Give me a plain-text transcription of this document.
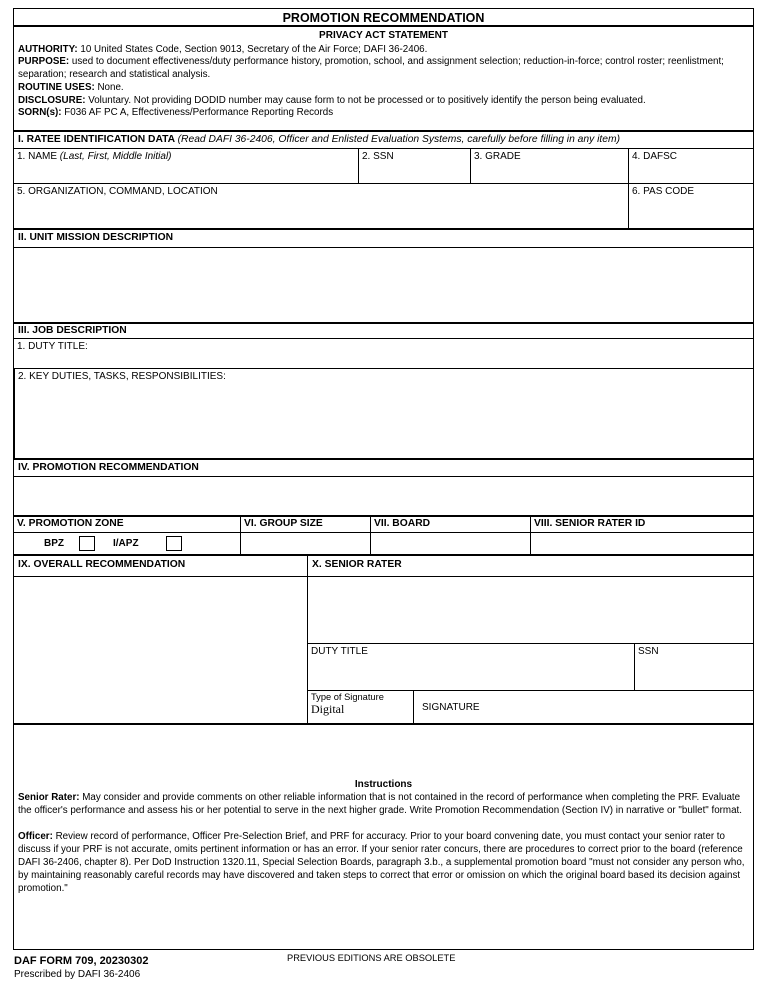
PROMOTION RECOMMENDATION
PRIVACY ACT STATEMENT
AUTHORITY: 10 United States Code, Section 9013, Secretary of the Air Force; DAFI 36-2406.
PURPOSE: used to document effectiveness/duty performance history, promotion, school, and assignment selection; reduction-in-force; control roster; reenlistment; separation; research and statistical analysis.
ROUTINE USES: None.
DISCLOSURE: Voluntary. Not providing DODID number may cause form to not be processed or to positively identify the person being evaluated.
SORN(s): F036 AF PC A, Effectiveness/Performance Reporting Records
I. RATEE IDENTIFICATION DATA (Read DAFI 36-2406, Officer and Enlisted Evaluation Systems, carefully before filling in any item)
1. NAME (Last, First, Middle Initial)	2. SSN	3. GRADE	4. DAFSC
5. ORGANIZATION, COMMAND, LOCATION	6. PAS CODE
II. UNIT MISSION DESCRIPTION
III. JOB DESCRIPTION
1. DUTY TITLE:
2. KEY DUTIES, TASKS, RESPONSIBILITIES:
IV. PROMOTION RECOMMENDATION
V. PROMOTION ZONE	VI. GROUP SIZE	VII. BOARD	VIII. SENIOR RATER ID
BPZ	I/APZ
IX. OVERALL RECOMMENDATION	X. SENIOR RATER
DUTY TITLE	SSN
Type of Signature
Digital	SIGNATURE
Instructions
Senior Rater: May consider and provide comments on other reliable information that is not contained in the record of performance when completing the PRF. Evaluate the officer's performance and assess his or her potential to serve in the next higher grade. Write Promotion Recommendation (Section IV) in narrative or "bullet" format.
Officer: Review record of performance, Officer Pre-Selection Brief, and PRF for accuracy. Prior to your board convening date, you must contact your senior rater to discuss if your PRF is not accurate, omits pertinent information or has an error. If your senior rater concurs, there are procedures to correct prior to the board (reference DAFI 36-2406, chapter 8). Per DoD Instruction 1320.11, Special Selection Boards, paragraph 3.b., a supplemental promotion board "must not consider any person who, by maintaining reasonably careful records may have discovered and taken steps to correct that error or omission on which the original board based its decision against promotion."
DAF FORM 709, 20230302
Prescribed by DAFI 36-2406
PREVIOUS EDITIONS ARE OBSOLETE
